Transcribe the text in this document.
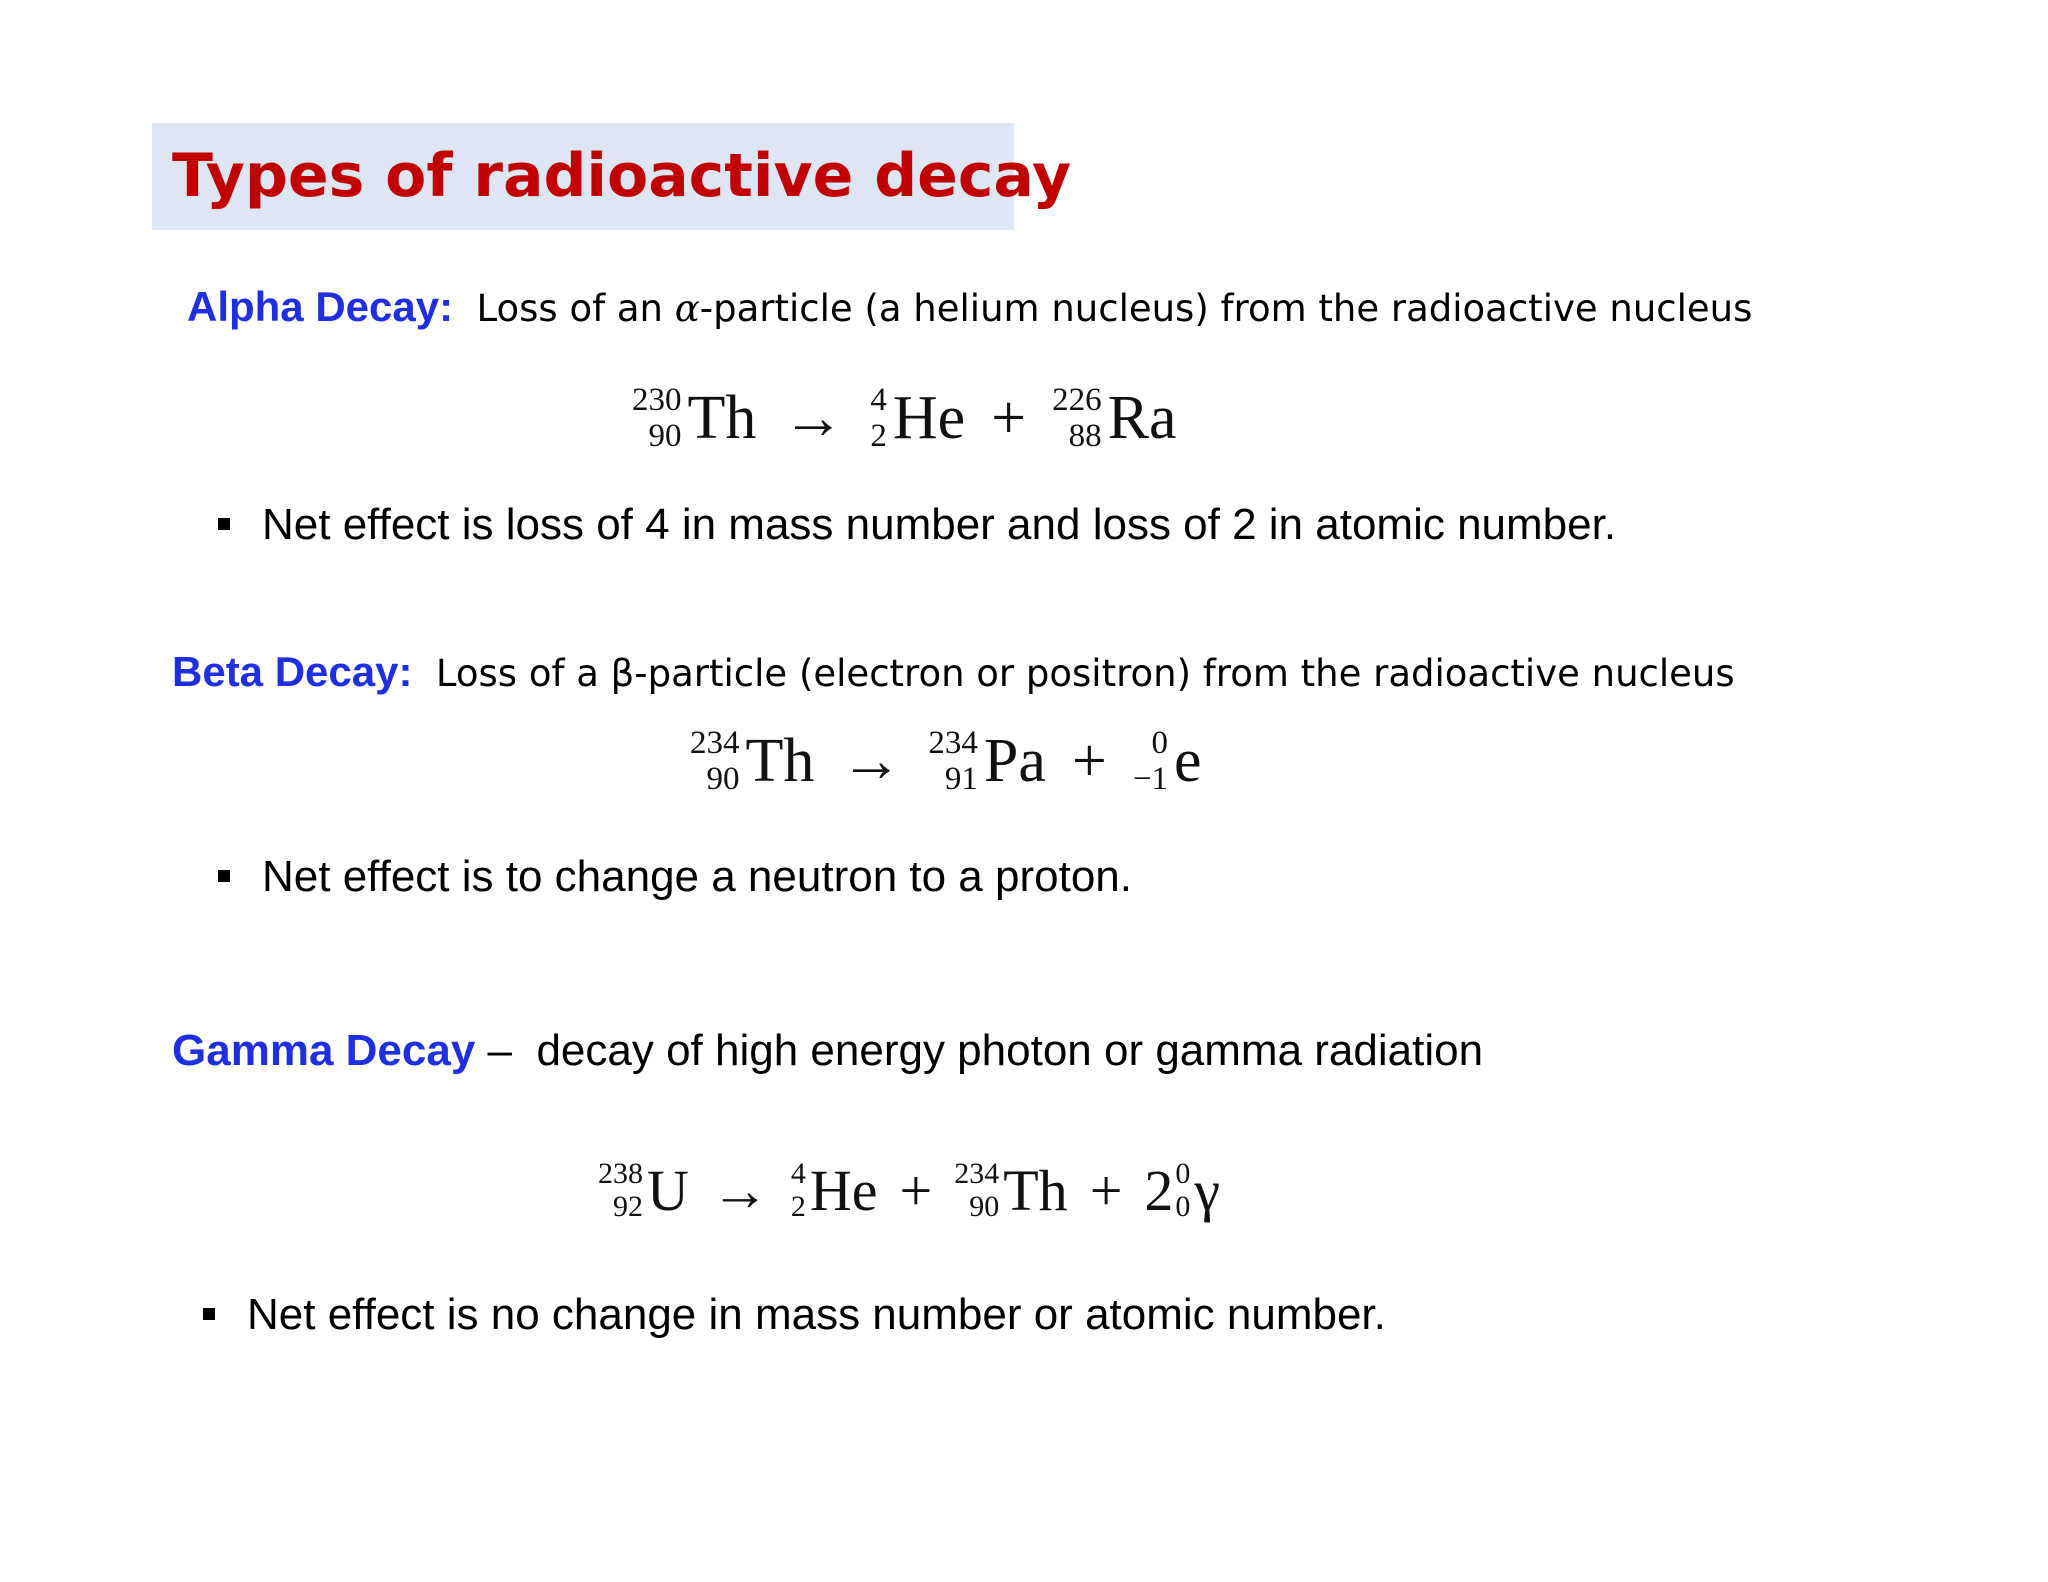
Types of radioactive decay
Alpha Decay: Loss of an α-particle (a helium nucleus) from the radioactive nucleus
230
90 Th → 4
2 He + 226
88 Ra
Net effect is loss of 4 in mass number and loss of 2 in atomic number.
Beta Decay: Loss of a β-particle (electron or positron) from the radioactive nucleus
234
90 Th → 234
91 Pa + 0
−1 e
Net effect is to change a neutron to a proton.
Gamma Decay –  decay of high energy photon or gamma radiation
238
92 U → 4
2 He + 234
90 Th + 2 0
0 γ
Net effect is no change in mass number or atomic number.
